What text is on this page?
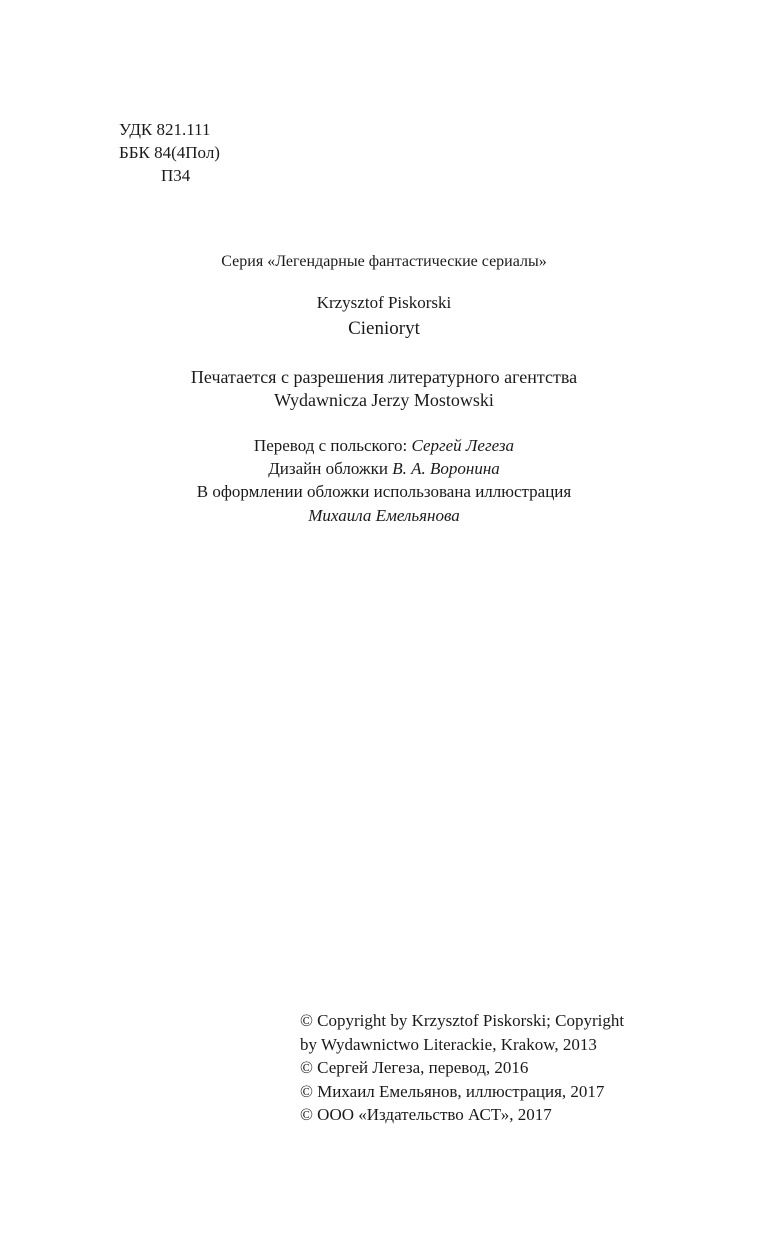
УДК 821.111
ББК 84(4Пол)
П34
Серия «Легендарные фантастические сериалы»
Krzysztof Piskorski
Cienioryt
Печатается с разрешения литературного агентства
Wydawnicza Jerzy Mostowski
Перевод с польского: Сергей Легеза
Дизайн обложки В. А. Воронина
В оформлении обложки использована иллюстрация
Михаила Емельянова
© Copyright by Krzysztof Piskorski; Copyright
by Wydawnictwo Literackie, Krakow, 2013
© Сергей Легеза, перевод, 2016
© Михаил Емельянов, иллюстрация, 2017
© ООО «Издательство АСТ», 2017
